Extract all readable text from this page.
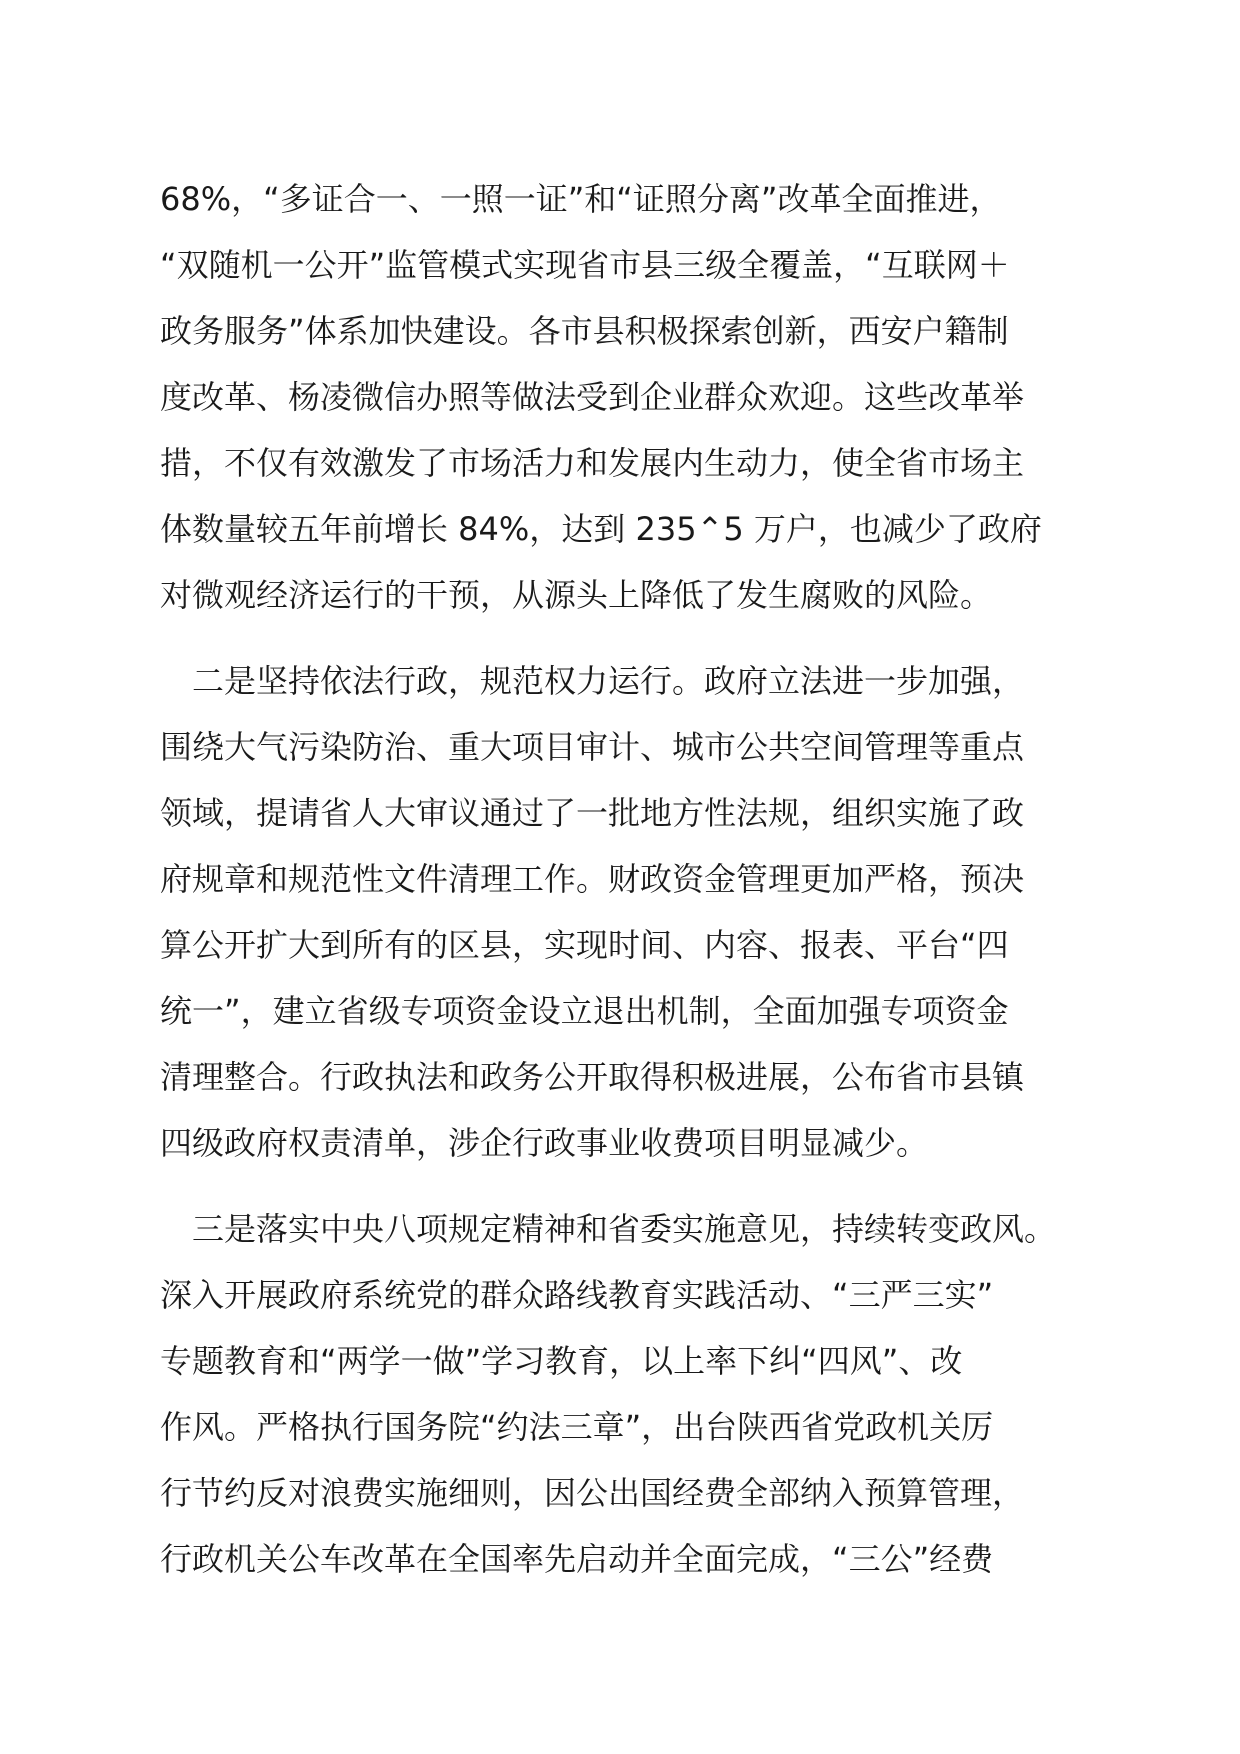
68%，“多证合一、一照一证”和“证照分离”改革全面推进，
“双随机一公开”监管模式实现省市县三级全覆盖，“互联网＋
政务服务”体系加快建设。各市县积极探索创新，西安户籍制
度改革、杨凌微信办照等做法受到企业群众欢迎。这些改革举
措，不仅有效激发了市场活力和发展内生动力，使全省市场主
体数量较五年前增长 84%，达到 235⌃5 万户，也减少了政府
对微观经济运行的干预，从源头上降低了发生腐败的风险。
　二是坚持依法行政，规范权力运行。政府立法进一步加强，
围绕大气污染防治、重大项目审计、城市公共空间管理等重点
领域，提请省人大审议通过了一批地方性法规，组织实施了政
府规章和规范性文件清理工作。财政资金管理更加严格，预决
算公开扩大到所有的区县，实现时间、内容、报表、平台“四
统一”，建立省级专项资金设立退出机制，全面加强专项资金
清理整合。行政执法和政务公开取得积极进展，公布省市县镇
四级政府权责清单，涉企行政事业收费项目明显减少。
　三是落实中央八项规定精神和省委实施意见，持续转变政风。
深入开展政府系统党的群众路线教育实践活动、“三严三实”
专题教育和“两学一做”学习教育，以上率下纠“四风”、改
作风。严格执行国务院“约法三章”，出台陕西省党政机关厉
行节约反对浪费实施细则，因公出国经费全部纳入预算管理，
行政机关公车改革在全国率先启动并全面完成，“三公”经费
